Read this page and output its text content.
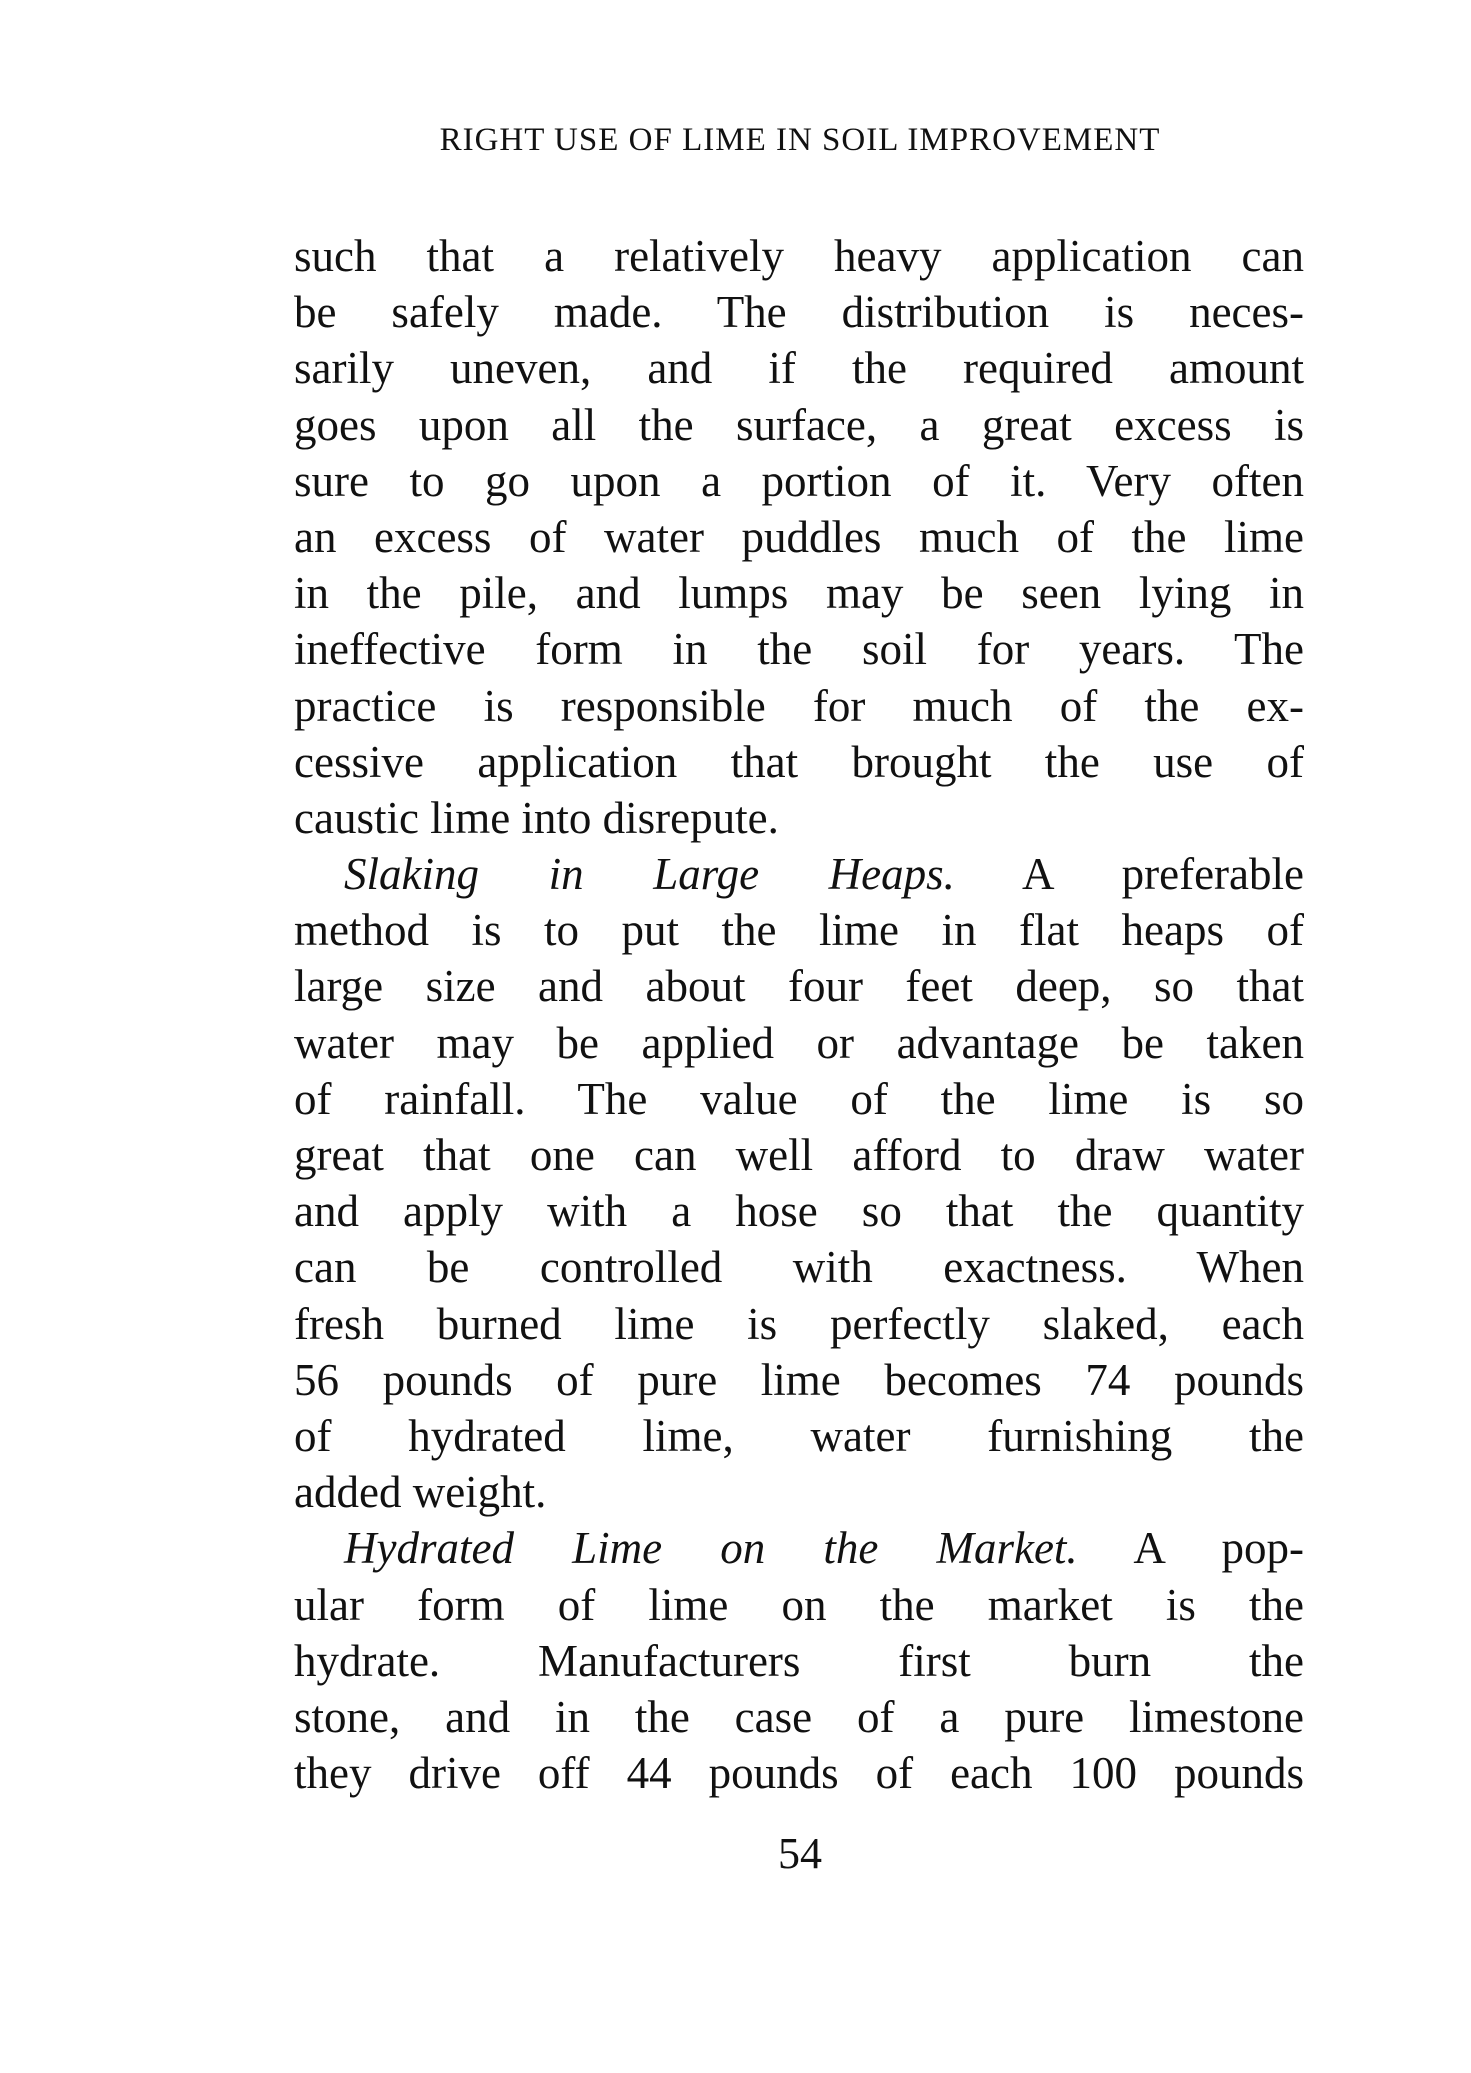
RIGHT USE OF LIME IN SOIL IMPROVEMENT
such that a relatively heavy application can
be safely made. The distribution is neces-
sarily uneven, and if the required amount
goes upon all the surface, a great excess is
sure to go upon a portion of it. Very often
an excess of water puddles much of the lime
in the pile, and lumps may be seen lying in
ineffective form in the soil for years. The
practice is responsible for much of the ex-
cessive application that brought the use of
caustic lime into disrepute.
Slaking in Large Heaps. A preferable
method is to put the lime in flat heaps of
large size and about four feet deep, so that
water may be applied or advantage be taken
of rainfall. The value of the lime is so
great that one can well afford to draw water
and apply with a hose so that the quantity
can be controlled with exactness. When
fresh burned lime is perfectly slaked, each
56 pounds of pure lime becomes 74 pounds
of hydrated lime, water furnishing the
added weight.
Hydrated Lime on the Market. A pop-
ular form of lime on the market is the
hydrate. Manufacturers first burn the
stone, and in the case of a pure limestone
they drive off 44 pounds of each 100 pounds
54
